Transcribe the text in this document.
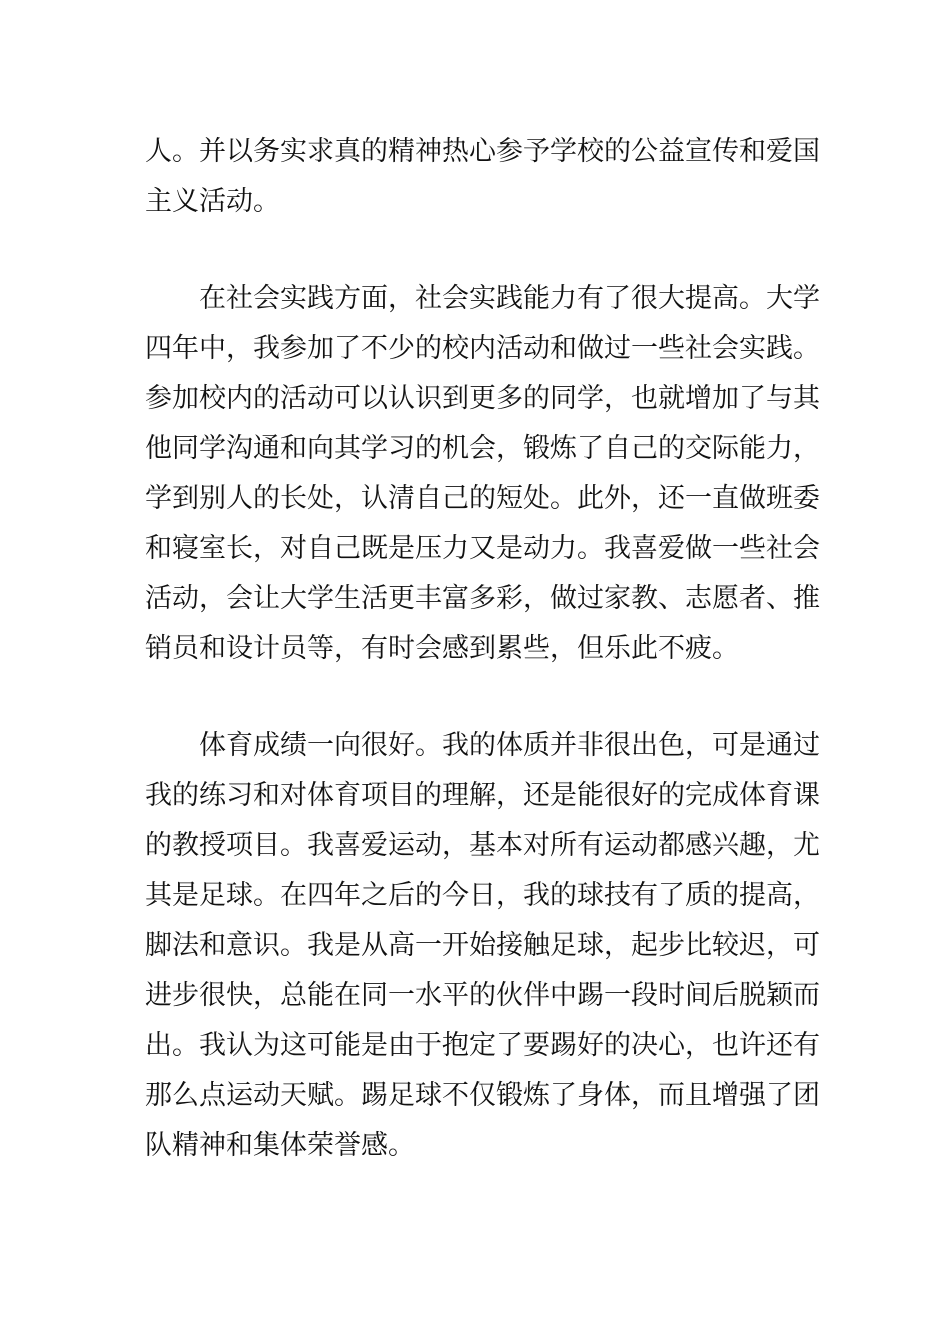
人。并以务实求真的精神热心参予学校的公益宣传和爱国
主义活动。
在社会实践方面，社会实践能力有了很大提高。大学
四年中，我参加了不少的校内活动和做过一些社会实践。
参加校内的活动可以认识到更多的同学，也就增加了与其
他同学沟通和向其学习的机会，锻炼了自己的交际能力，
学到别人的长处，认清自己的短处。此外，还一直做班委
和寝室长，对自己既是压力又是动力。我喜爱做一些社会
活动，会让大学生活更丰富多彩，做过家教、志愿者、推
销员和设计员等，有时会感到累些，但乐此不疲。
体育成绩一向很好。我的体质并非很出色，可是通过
我的练习和对体育项目的理解，还是能很好的完成体育课
的教授项目。我喜爱运动，基本对所有运动都感兴趣，尤
其是足球。在四年之后的今日，我的球技有了质的提高，
脚法和意识。我是从高一开始接触足球，起步比较迟，可
进步很快，总能在同一水平的伙伴中踢一段时间后脱颖而
出。我认为这可能是由于抱定了要踢好的决心，也许还有
那么点运动天赋。踢足球不仅锻炼了身体，而且增强了团
队精神和集体荣誉感。
